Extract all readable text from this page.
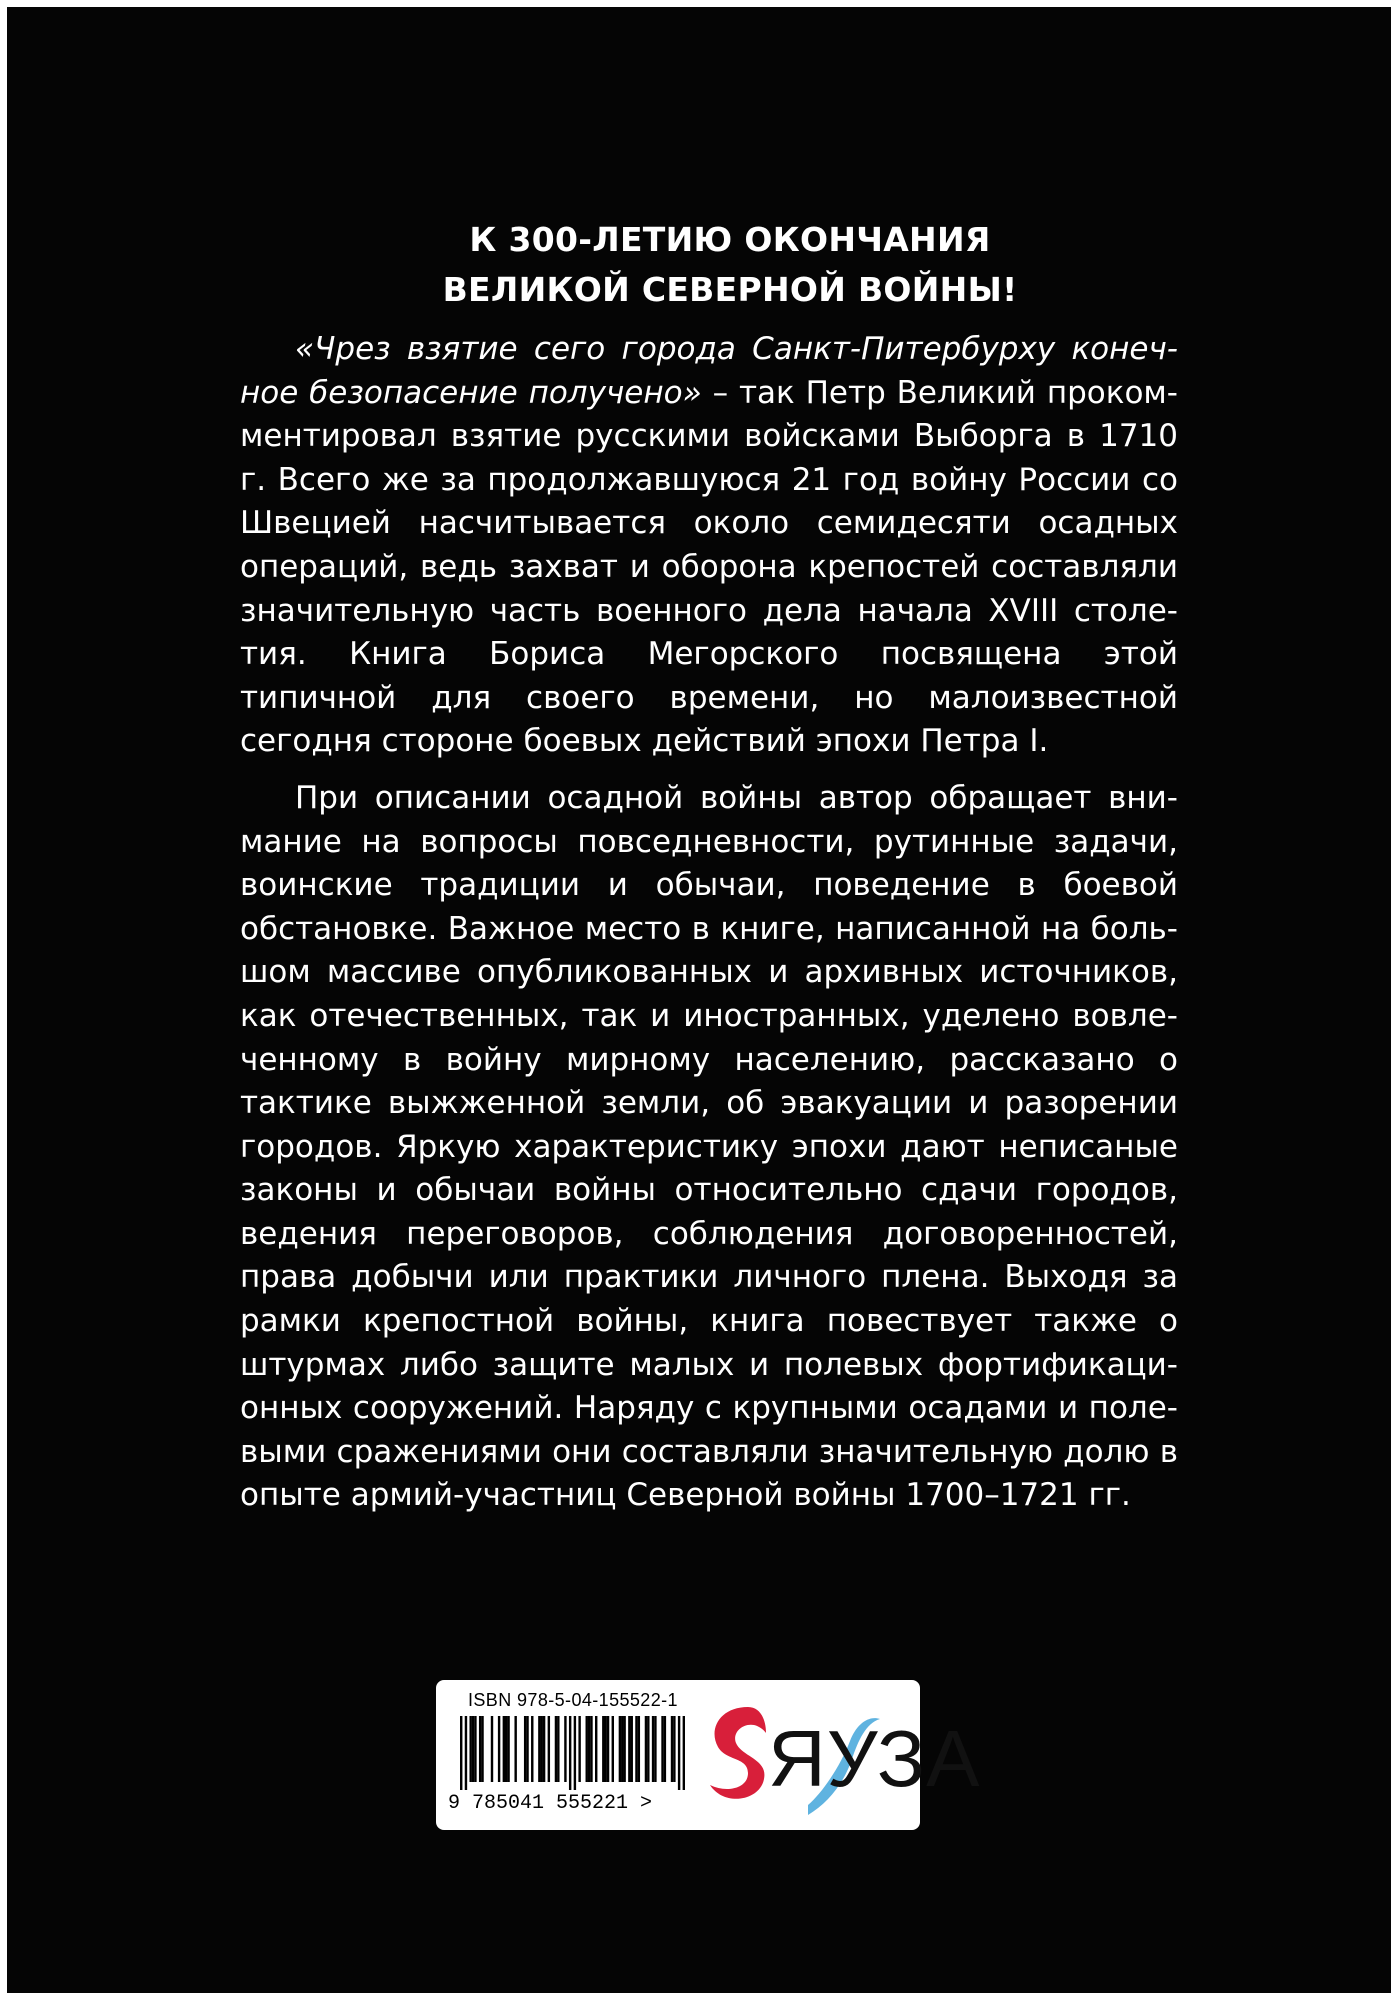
К 300-ЛЕТИЮ ОКОНЧАНИЯ
ВЕЛИКОЙ СЕВЕРНОЙ ВОЙНЫ!

«Чрез взятие сего города Санкт-Питербурху конеч-ное безопасение получено» – так Петр Великий проком-ментировал взятие русскими войсками Выборга в 1710 г. Всего же за продолжавшуюся 21 год войну России со Швецией насчитывается около семидесяти осадных операций, ведь захват и оборона крепостей составляли значительную часть военного дела начала XVIII столе-тия. Книга Бориса Мегорского посвящена этой типичной для своего времени, но малоизвестной сегодня стороне боевых действий эпохи Петра I.

При описании осадной войны автор обращает вни-мание на вопросы повседневности, рутинные задачи, воинские традиции и обычаи, поведение в боевой обстановке. Важное место в книге, написанной на боль-шом массиве опубликованных и архивных источников, как отечественных, так и иностранных, уделено вовле-ченному в войну мирному населению, рассказано о тактике выжженной земли, об эвакуации и разорении городов. Яркую характеристику эпохи дают неписаные законы и обычаи войны относительно сдачи городов, ведения переговоров, соблюдения договоренностей, права добычи или практики личного плена. Выходя за рамки крепостной войны, книга повествует также о штурмах либо защите малых и полевых фортификаци-онных сооружений. Наряду с крупными осадами и поле-выми сражениями они составляли значительную долю в опыте армий-участниц Северной войны 1700–1721 гг.

ISBN 978-5-04-155522-1
9 785041 555221 >
ЯУЗА
